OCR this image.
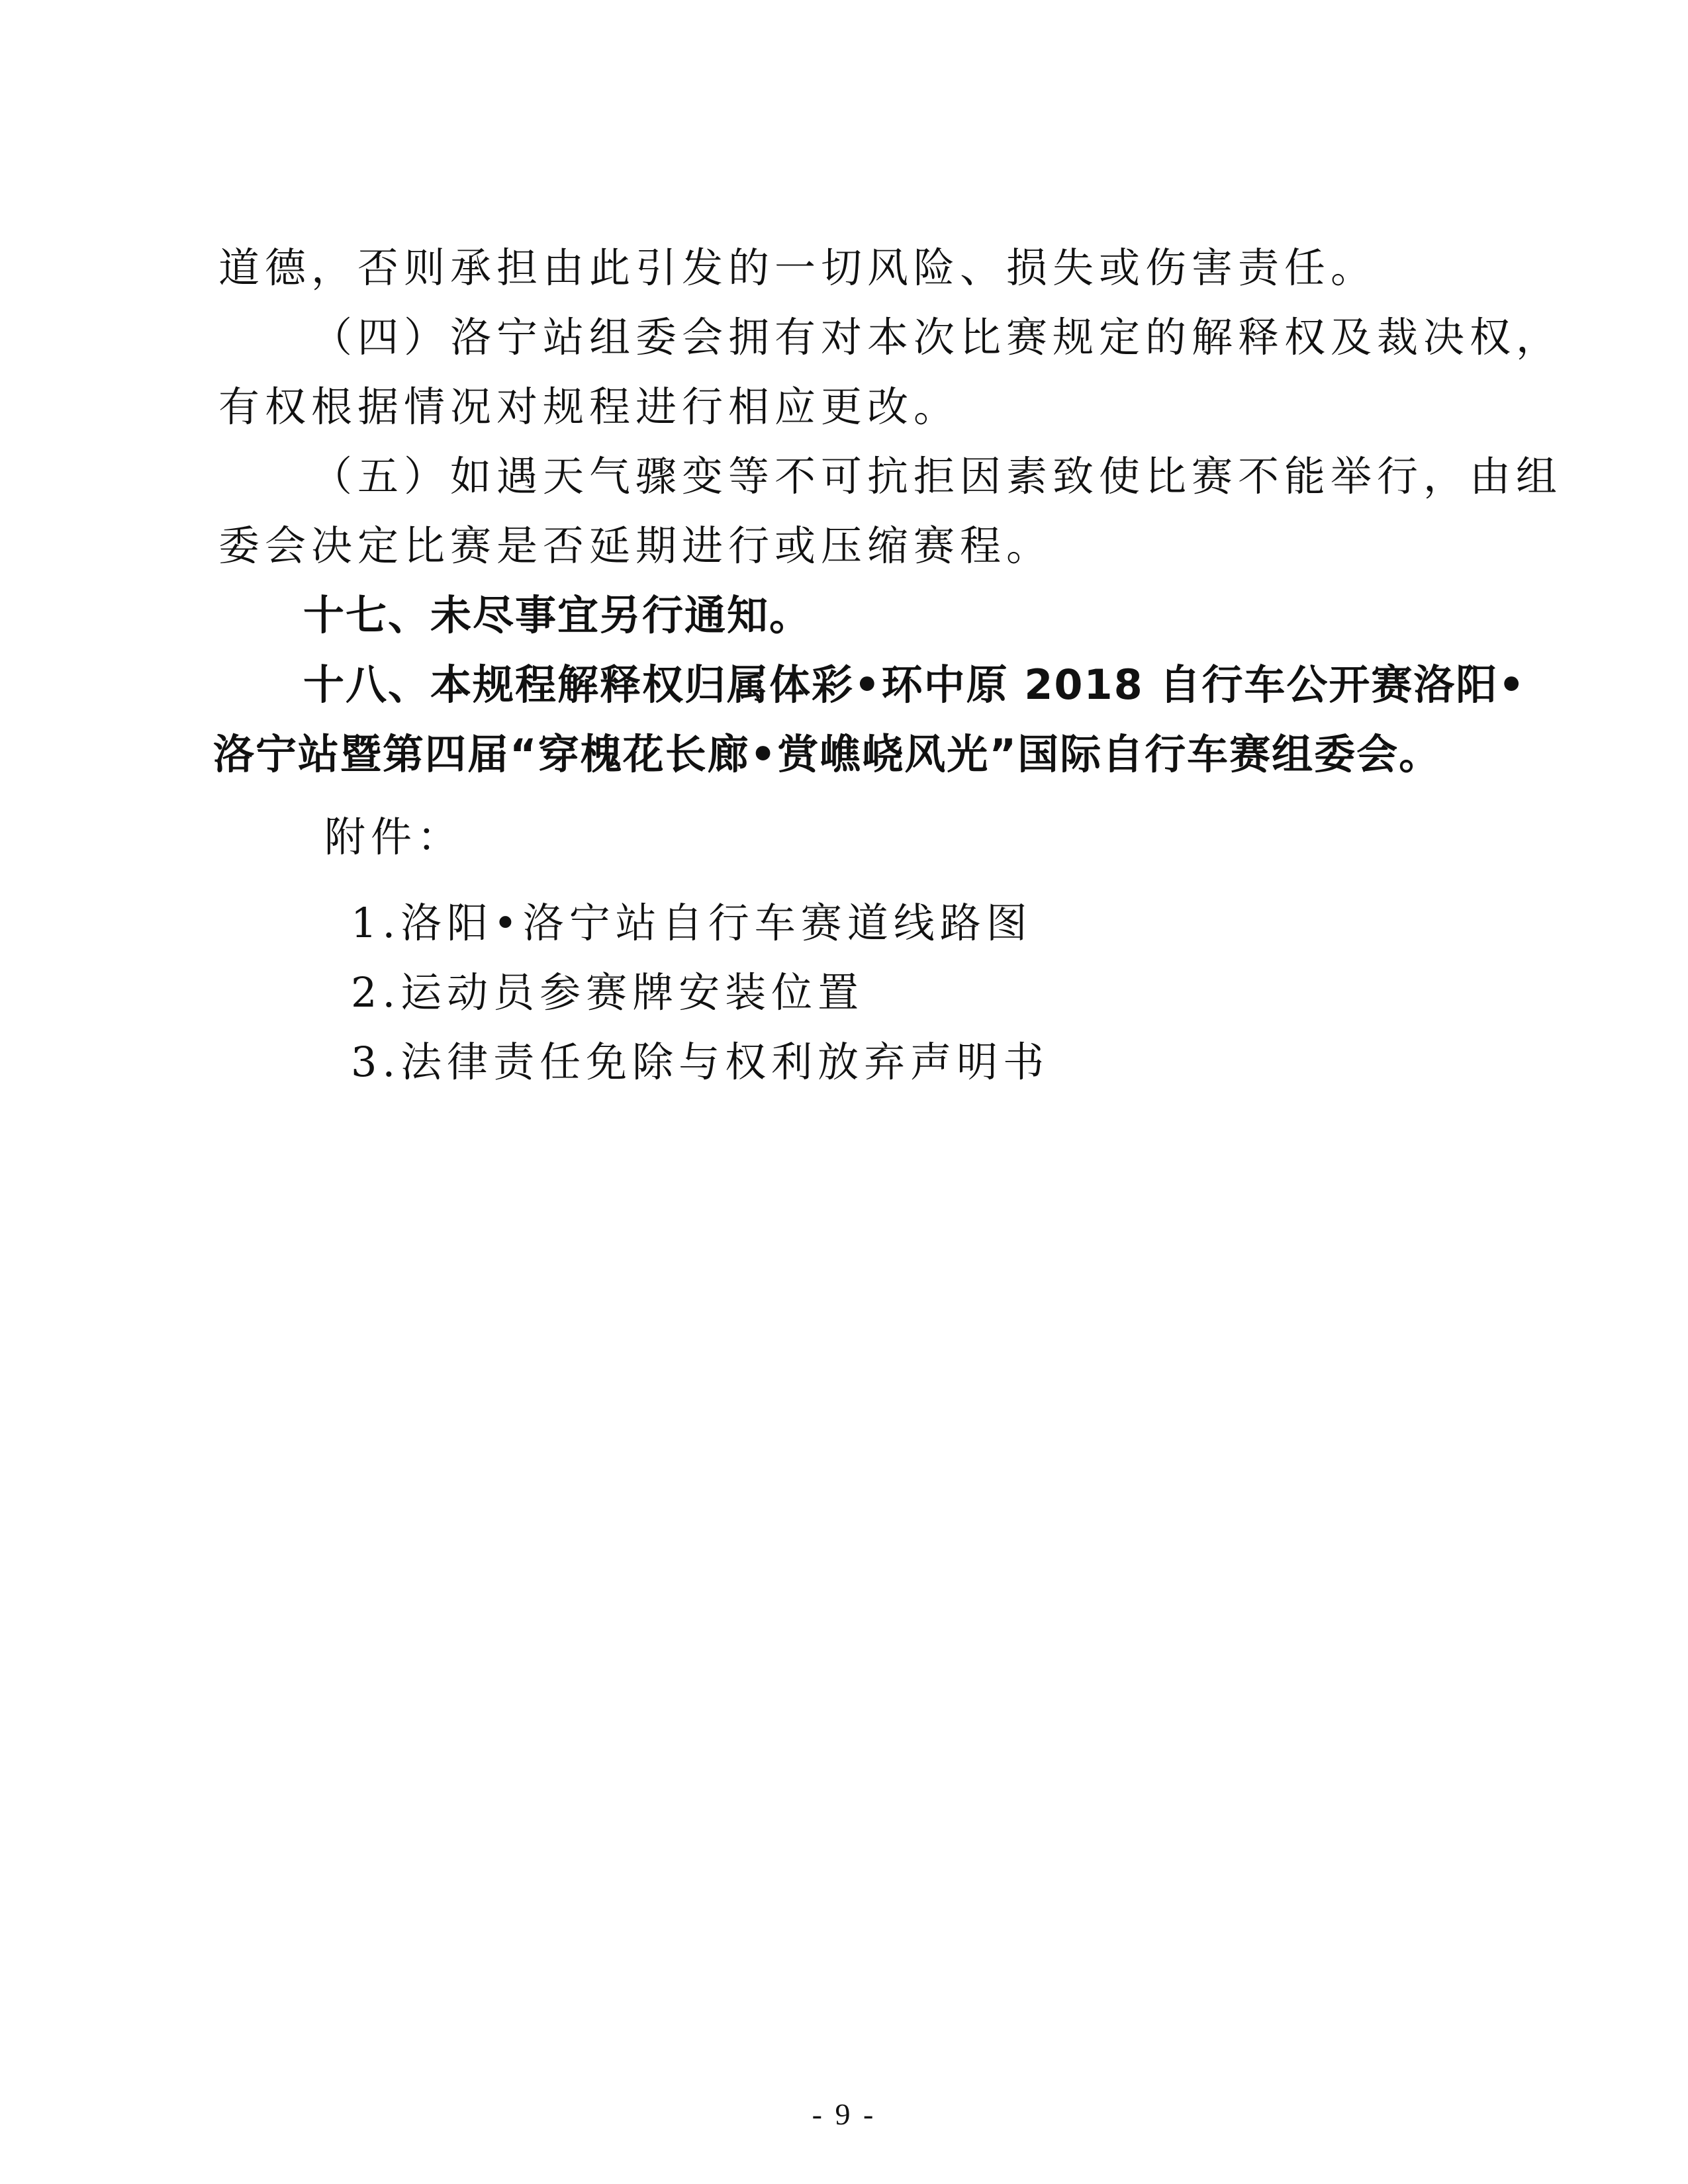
道德，否则承担由此引发的一切风险、损失或伤害责任。
（四）洛宁站组委会拥有对本次比赛规定的解释权及裁决权，
有权根据情况对规程进行相应更改。
（五）如遇天气骤变等不可抗拒因素致使比赛不能举行，由组
委会决定比赛是否延期进行或压缩赛程。
十七、未尽事宜另行通知。
十八、本规程解释权归属体彩•环中原 2018 自行车公开赛洛阳•
洛宁站暨第四届“穿槐花长廊•赏嶕峣风光”国际自行车赛组委会。
附件：
1.洛阳•洛宁站自行车赛道线路图
2.运动员参赛牌安装位置
3.法律责任免除与权利放弃声明书
- 9 -
